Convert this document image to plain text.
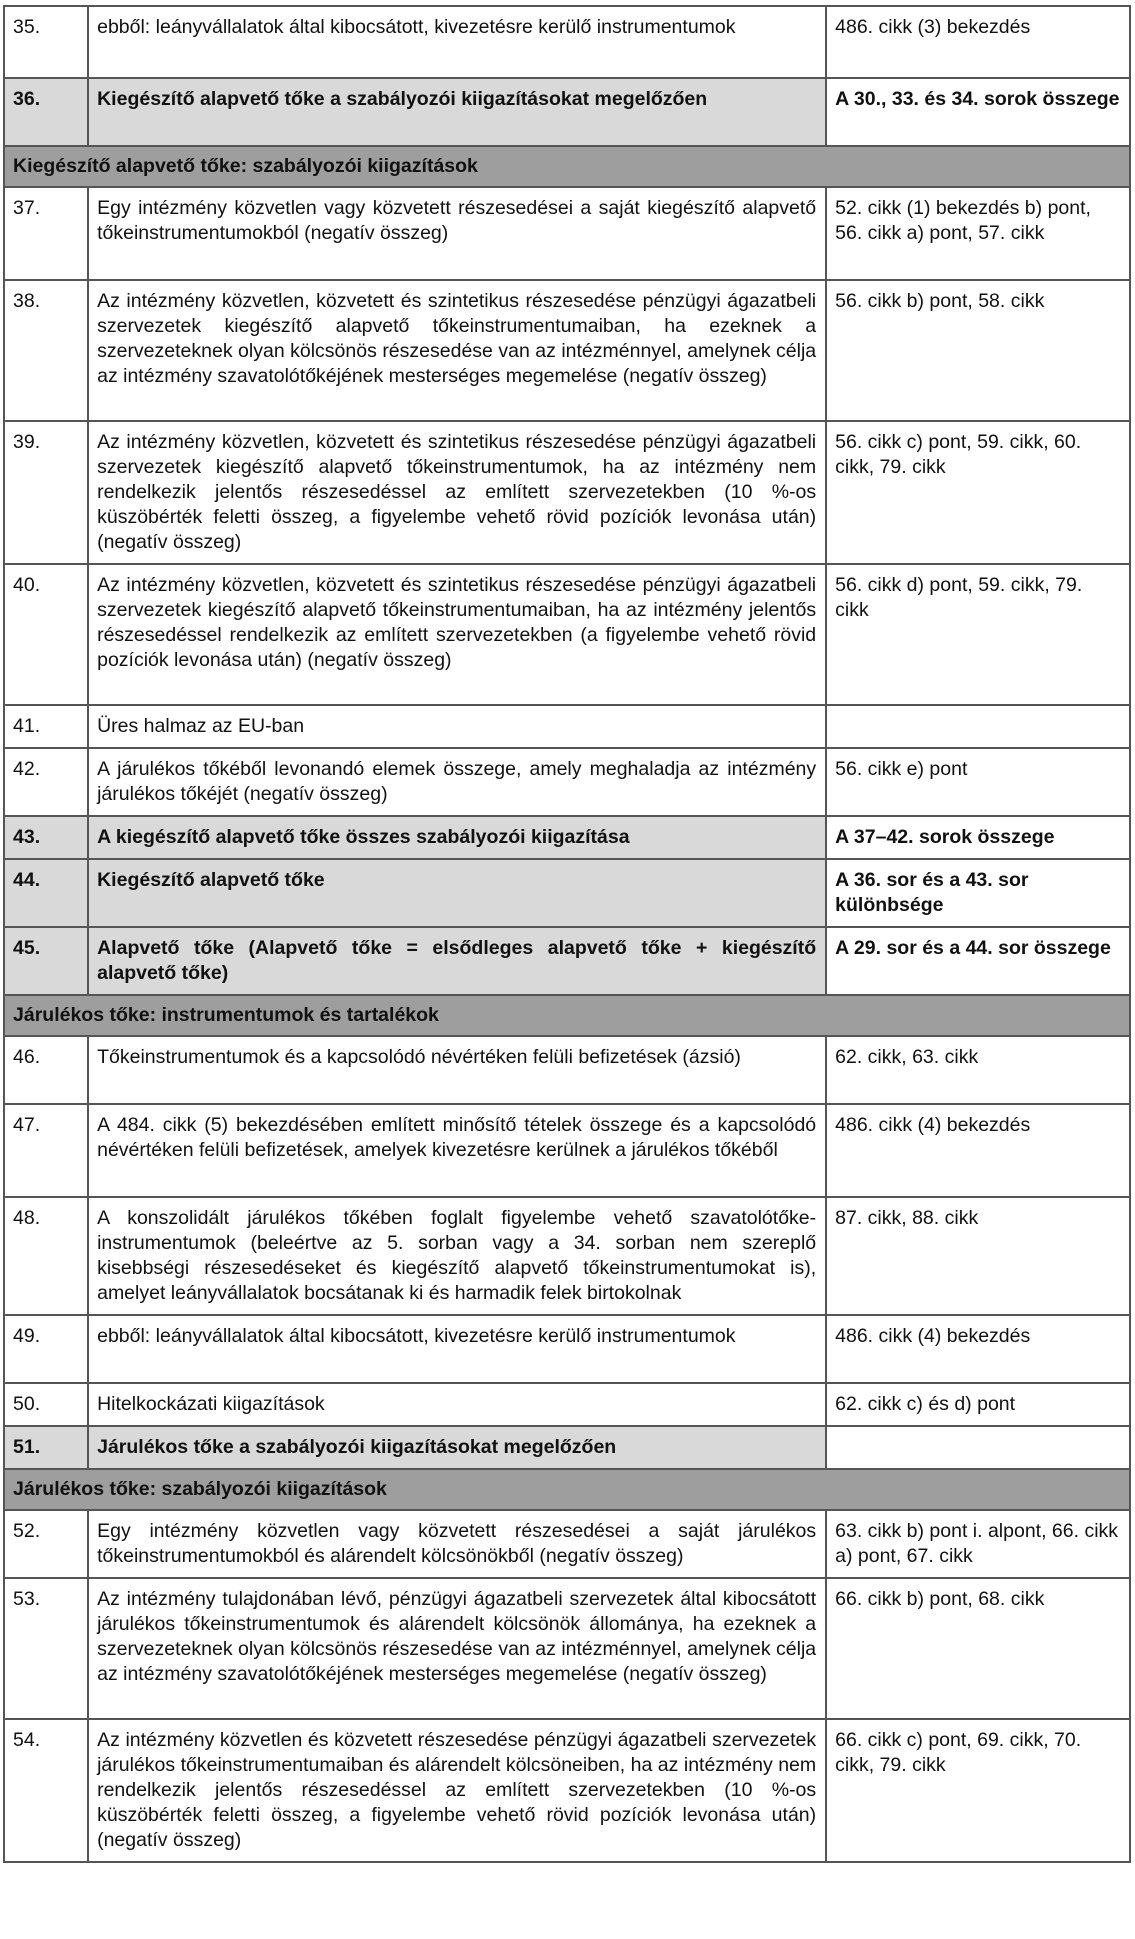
35.	ebből: leányvállalatok által kibocsátott, kivezetésre kerülő instrumentumok	486. cikk (3) bekezdés
36.	Kiegészítő alapvető tőke a szabályozói kiigazításokat megelőzően	A 30., 33. és 34. sorok összege
Kiegészítő alapvető tőke: szabályozói kiigazítások		
37.	Egy intézmény közvetlen vagy közvetett részesedései a saját kiegészítő alapvető tőkeinstrumentumokból (negatív összeg)	52. cikk (1) bekezdés b) pont, 56. cikk a) pont, 57. cikk
38.	Az intézmény közvetlen, közvetett és szintetikus részesedése pénzügyi ágazatbeli szervezetek kiegészítő alapvető tőkeinstrumentumaiban, ha ezeknek a szervezeteknek olyan kölcsönös részesedése van az intézménnyel, amelynek célja az intézmény szavatolótőkéjének mesterséges megemelése (negatív összeg)	56. cikk b) pont, 58. cikk
39.	Az intézmény közvetlen, közvetett és szintetikus részesedése pénzügyi ágazatbeli szervezetek kiegészítő alapvető tőkeinstrumentumok, ha az intézmény nem rendelkezik jelentős részesedéssel az említett szervezetekben (10 %-os küszöbérték feletti összeg, a figyelembe vehető rövid pozíciók levonása után) (negatív összeg)	56. cikk c) pont, 59. cikk, 60. cikk, 79. cikk
40.	Az intézmény közvetlen, közvetett és szintetikus részesedése pénzügyi ágazatbeli szervezetek kiegészítő alapvető tőkeinstrumentumaiban, ha az intézmény jelentős részesedéssel rendelkezik az említett szervezetekben (a figyelembe vehető rövid pozíciók levonása után) (negatív összeg)	56. cikk d) pont, 59. cikk, 79. cikk
41.	Üres halmaz az EU-ban	
42.	A járulékos tőkéből levonandó elemek összege, amely meghaladja az intézmény járulékos tőkéjét (negatív összeg)	56. cikk e) pont
43.	A kiegészítő alapvető tőke összes szabályozói kiigazítása	A 37–42. sorok összege
44.	Kiegészítő alapvető tőke	A 36. sor és a 43. sor különbsége
45.	Alapvető tőke (Alapvető tőke = elsődleges alapvető tőke + kiegészítő alapvető tőke)	A 29. sor és a 44. sor összege
Járulékos tőke: instrumentumok és tartalékok		
46.	Tőkeinstrumentumok és a kapcsolódó névértéken felüli befizetések (ázsió)	62. cikk, 63. cikk
47.	A 484. cikk (5) bekezdésében említett minősítő tételek összege és a kapcsolódó névértéken felüli befizetések, amelyek kivezetésre kerülnek a járulékos tőkéből	486. cikk (4) bekezdés
48.	A konszolidált járulékos tőkében foglalt figyelembe vehető szavatolótőkeinstrumentumok (beleértve az 5. sorban vagy a 34. sorban nem szereplő kisebbségi részesedéseket és kiegészítő alapvető tőkeinstrumentumokat is), amelyet leányvállalatok bocsátanak ki és harmadik felek birtokolnak	87. cikk, 88. cikk
49.	ebből: leányvállalatok által kibocsátott, kivezetésre kerülő instrumentumok	486. cikk (4) bekezdés
50.	Hitelkockázati kiigazítások	62. cikk c) és d) pont
51.	Járulékos tőke a szabályozói kiigazításokat megelőzően	
Járulékos tőke: szabályozói kiigazítások		
52.	Egy intézmény közvetlen vagy közvetett részesedései a saját járulékos tőkeinstrumentumokból és alárendelt kölcsönökből (negatív összeg)	63. cikk b) pont i. alpont, 66. cikk a) pont, 67. cikk
53.	Az intézmény tulajdonában lévő, pénzügyi ágazatbeli szervezetek által kibocsátott járulékos tőkeinstrumentumok és alárendelt kölcsönök állománya, ha ezeknek a szervezeteknek olyan kölcsönös részesedése van az intézménnyel, amelynek célja az intézmény szavatolótőkéjének mesterséges megemelése (negatív összeg)	66. cikk b) pont, 68. cikk
54.	Az intézmény közvetlen és közvetett részesedése pénzügyi ágazatbeli szervezetek járulékos tőkeinstrumentumaiban és alárendelt kölcsöneiben, ha az intézmény nem rendelkezik jelentős részesedéssel az említett szervezetekben (10 %-os küszöbérték feletti összeg, a figyelembe vehető rövid pozíciók levonása után) (negatív összeg)	66. cikk c) pont, 69. cikk, 70. cikk, 79. cikk
